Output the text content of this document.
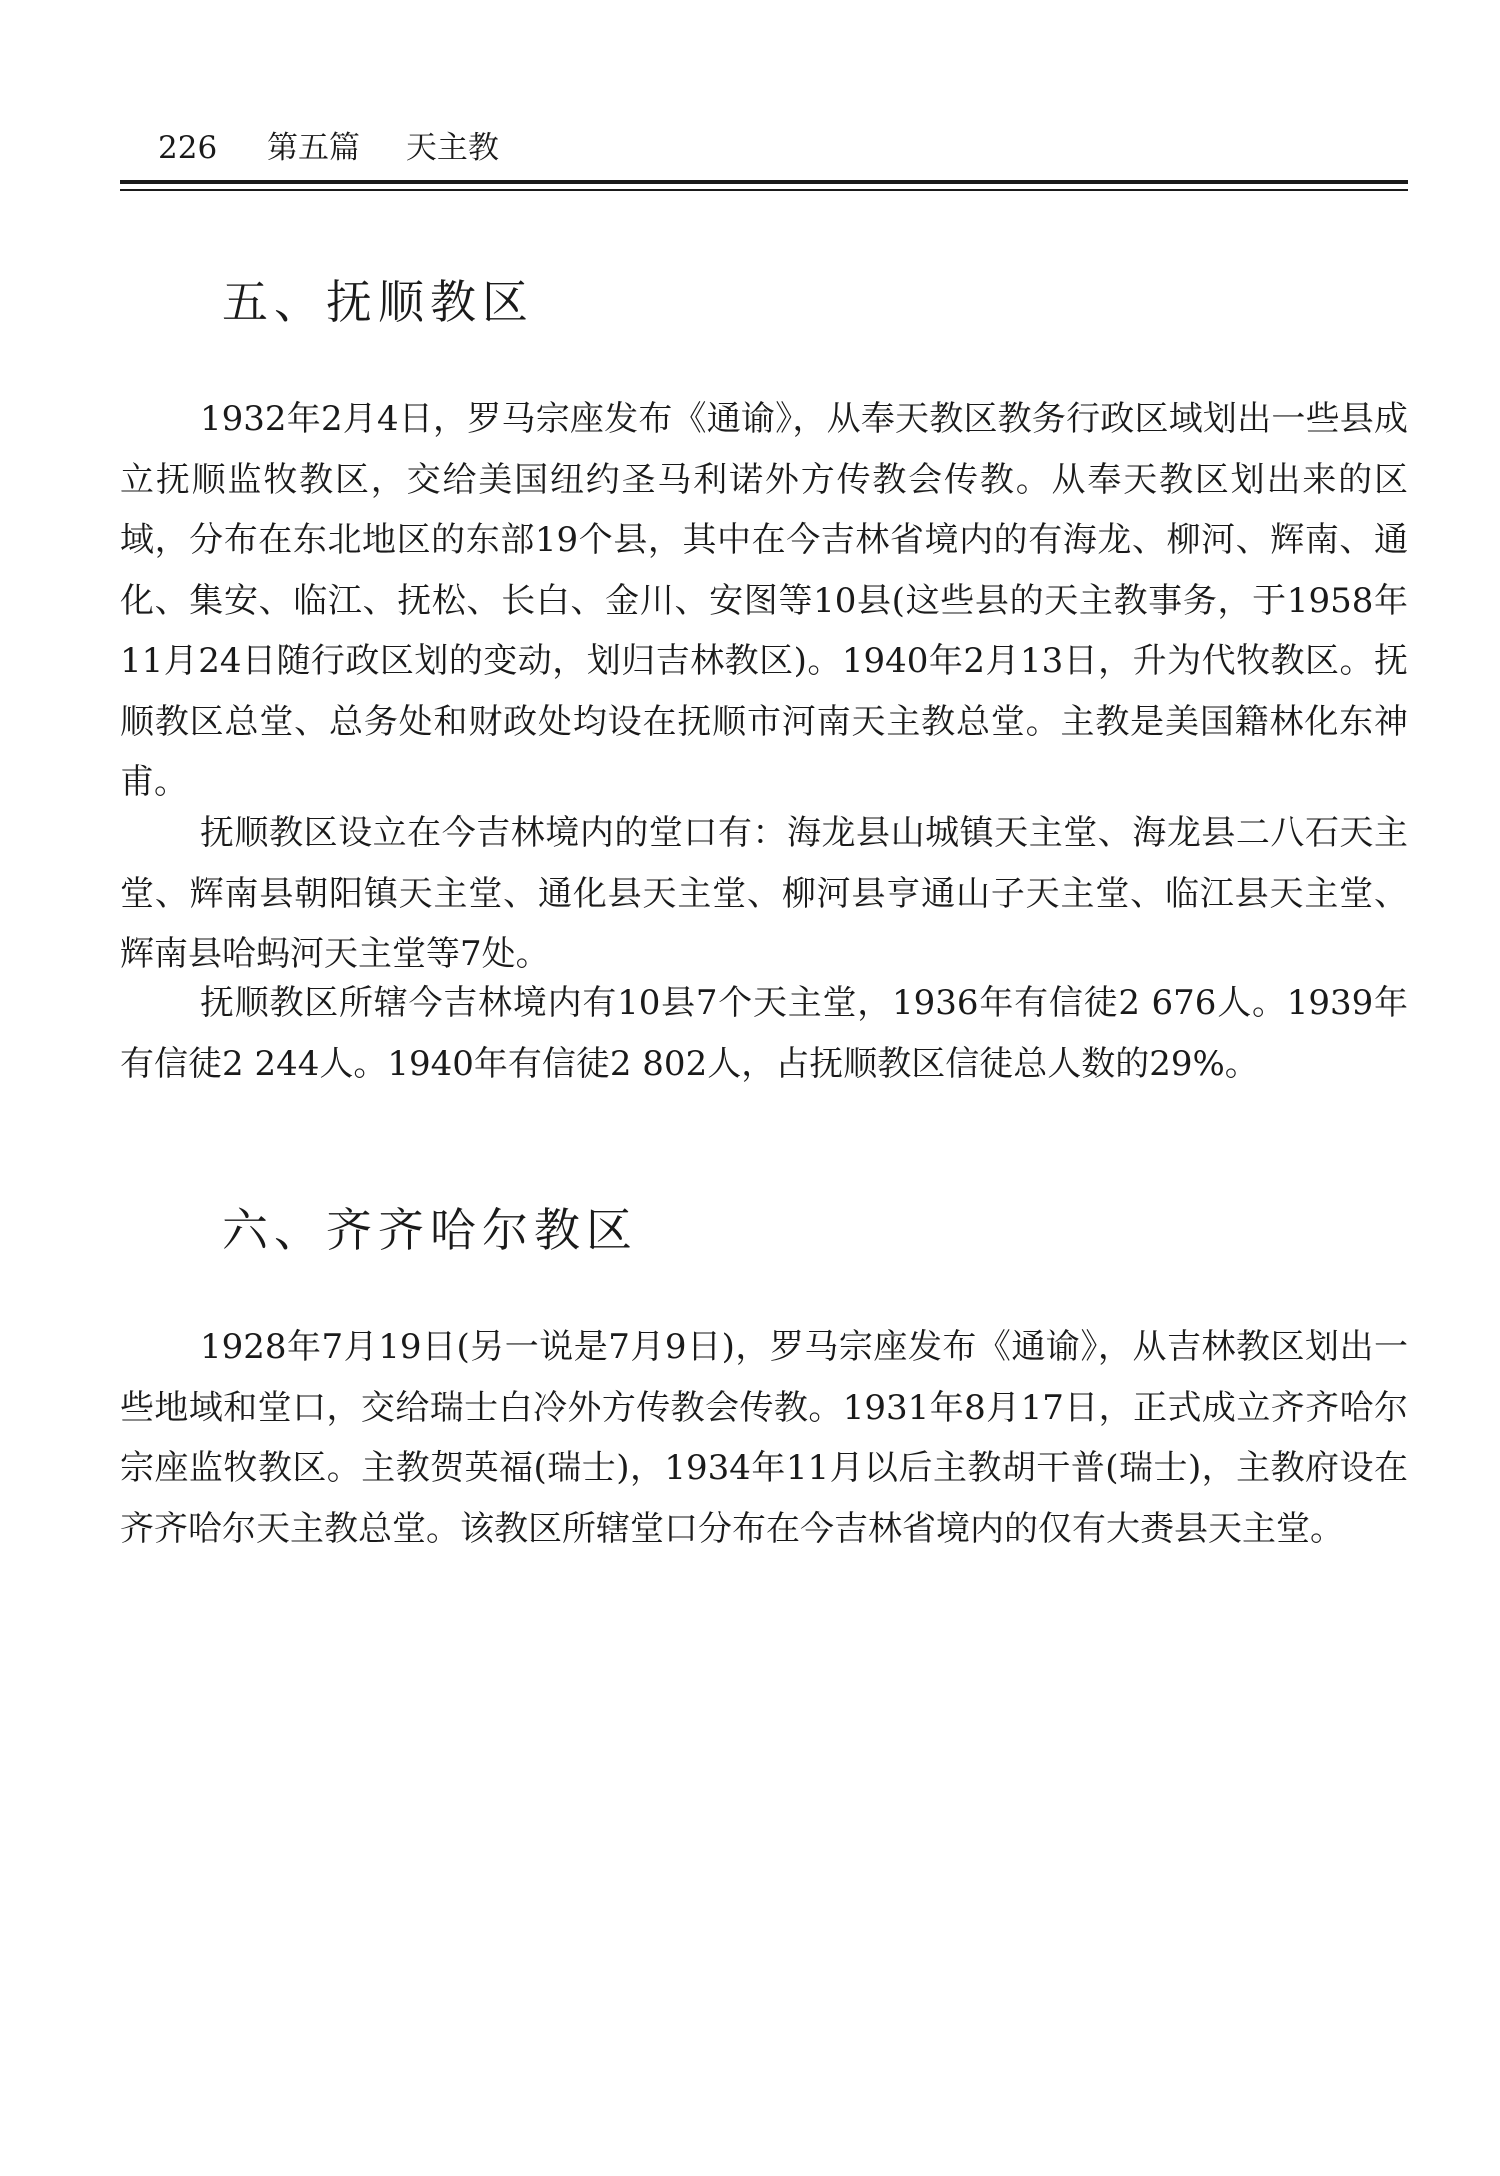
226 第五篇 天主教
五、抚顺教区

1932年2月4日，罗马宗座发布《通谕》，从奉天教区教务行政区域划出一些县成立抚顺监牧教区，交给美国纽约圣马利诺外方传教会传教。从奉天教区划出来的区域，分布在东北地区的东部19个县，其中在今吉林省境内的有海龙、柳河、辉南、通化、集安、临江、抚松、长白、金川、安图等10县(这些县的天主教事务，于1958年11月24日随行政区划的变动，划归吉林教区)。1940年2月13日，升为代牧教区。抚顺教区总堂、总务处和财政处均设在抚顺市河南天主教总堂。主教是美国籍林化东神甫。

抚顺教区设立在今吉林境内的堂口有：海龙县山城镇天主堂、海龙县二八石天主堂、辉南县朝阳镇天主堂、通化县天主堂、柳河县亨通山子天主堂、临江县天主堂、辉南县哈蚂河天主堂等7处。

抚顺教区所辖今吉林境内有10县7个天主堂，1936年有信徒2 676人。1939年有信徒2 244人。1940年有信徒2 802人，占抚顺教区信徒总人数的29%。

六、齐齐哈尔教区

1928年7月19日(另一说是7月9日)，罗马宗座发布《通谕》，从吉林教区划出一些地域和堂口，交给瑞士白冷外方传教会传教。1931年8月17日，正式成立齐齐哈尔宗座监牧教区。主教贺英福(瑞士)，1934年11月以后主教胡干普(瑞士)，主教府设在齐齐哈尔天主教总堂。该教区所辖堂口分布在今吉林省境内的仅有大赉县天主堂。
